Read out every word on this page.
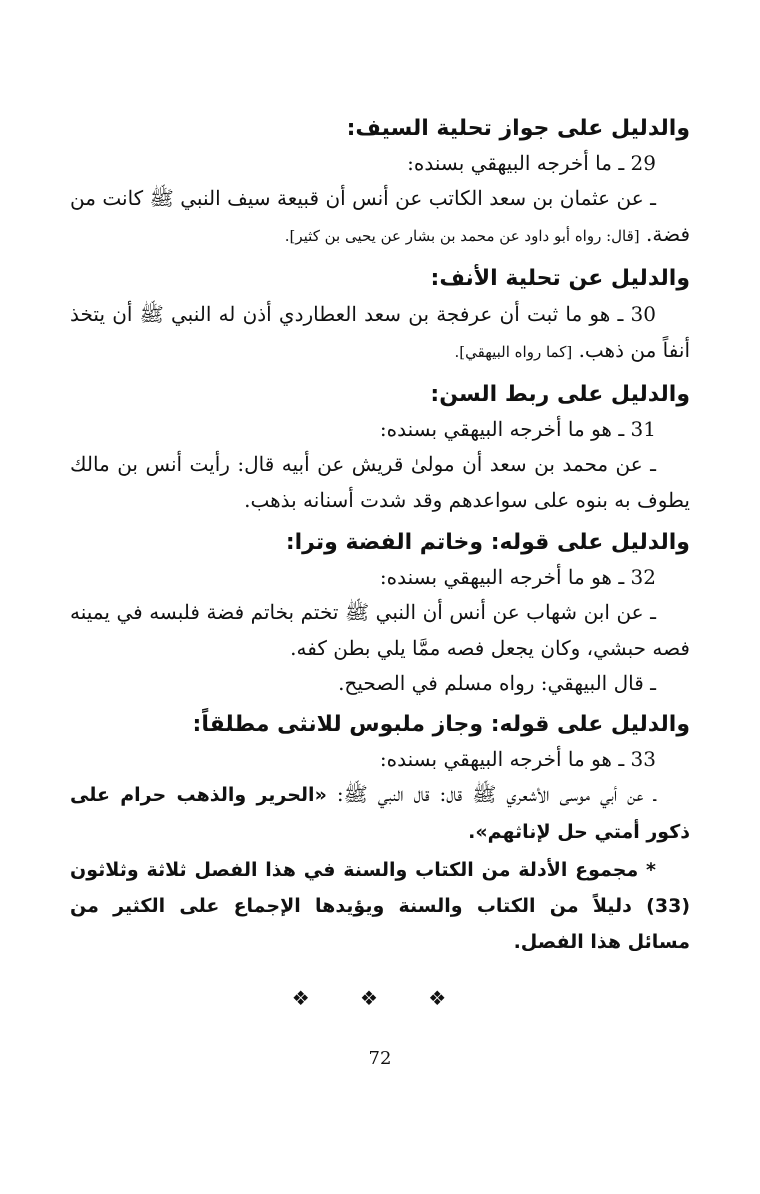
والدليل على جواز تحلية السيف:
29 ـ ما أخرجه البيهقي بسنده:
ـ عن عثمان بن سعد الكاتب عن أنس أن قبيعة سيف النبي ﷺ كانت من فضة. [قال: رواه أبو داود عن محمد بن بشار عن يحيى بن كثير].
والدليل عن تحلية الأنف:
30 ـ هو ما ثبت أن عرفجة بن سعد العطاردي أذن له النبي ﷺ أن يتخذ أنفاً من ذهب. [كما رواه البيهقي].
والدليل على ربط السن:
31 ـ هو ما أخرجه البيهقي بسنده:
ـ عن محمد بن سعد أن مولىٰ قريش عن أبيه قال: رأيت أنس بن مالك يطوف به بنوه على سواعدهم وقد شدت أسنانه بذهب.
والدليل على قوله: وخاتم الفضة وترا:
32 ـ هو ما أخرجه البيهقي بسنده:
ـ عن ابن شهاب عن أنس أن النبي ﷺ تختم بخاتم فضة فلبسه في يمينه فصه حبشي، وكان يجعل فصه ممَّا يلي بطن كفه.
ـ قال البيهقي: رواه مسلم في الصحيح.
والدليل على قوله: وجاز ملبوس للانثى مطلقاً:
33 ـ هو ما أخرجه البيهقي بسنده:
ـ عن أبي موسى الأشعري ﷺ قال: قال النبي ﷺ: «الحرير والذهب حرام على ذكور أمتي حل لإناثهم».
* مجموع الأدلة من الكتاب والسنة في هذا الفصل ثلاثة وثلاثون (33) دليلاً من الكتاب والسنة ويؤيدها الإجماع على الكثير من مسائل هذا الفصل.
❖ ❖ ❖
72
